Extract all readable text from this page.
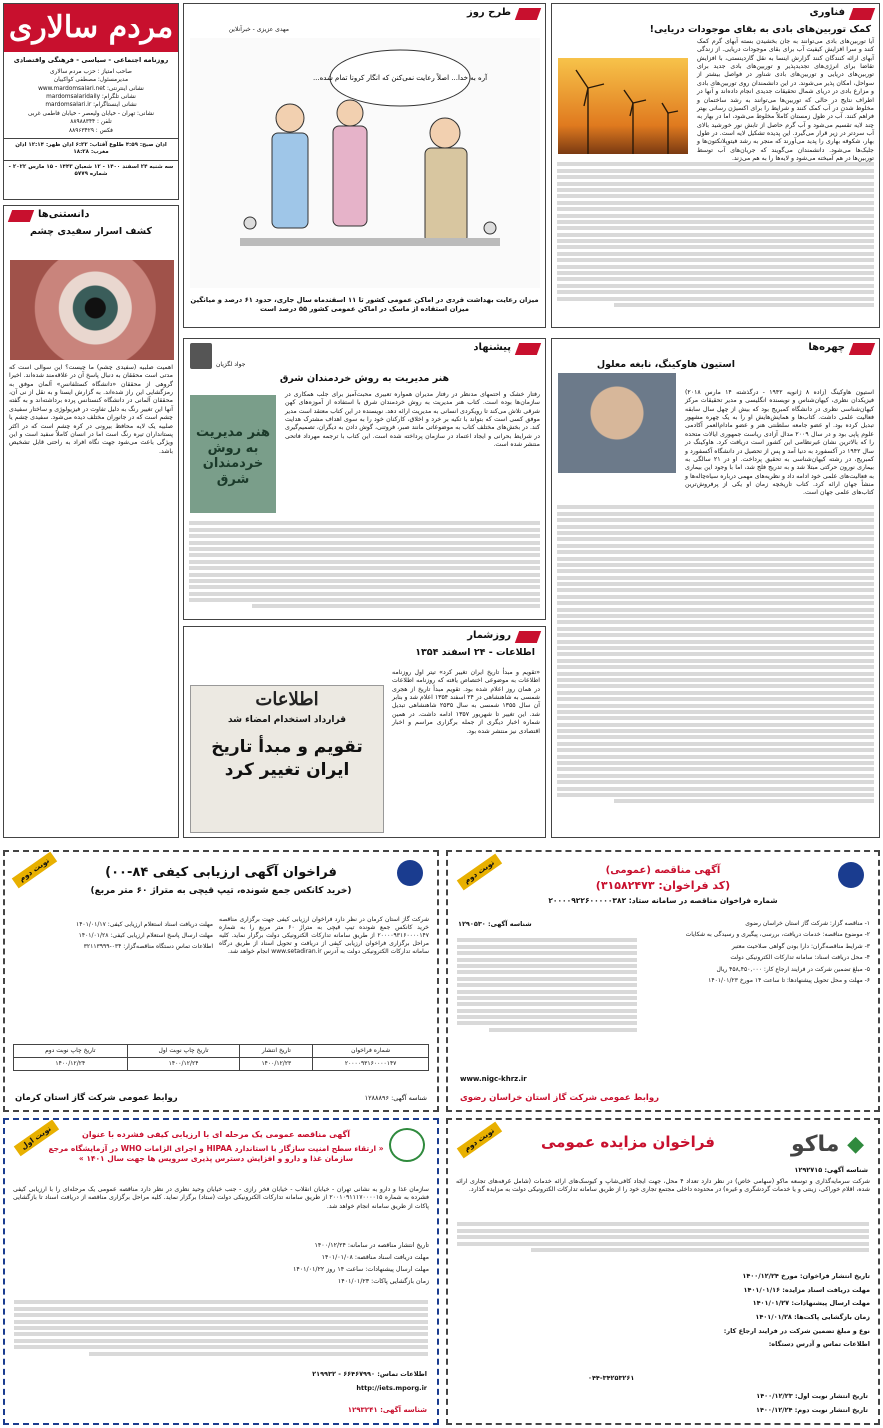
مردم سالاری
روزنامه اجتماعی - سیاسی - فرهنگی واقتصادی
صاحب امتیاز : حزب مردم سالاری
مدیرمسئول: مصطفی کواکبیان
نشانی اینترنتی: www.mardomsalari.net
نشانی تلگرام: mardomsalaridaily
نشانی اینستاگرام: mardomsalari.ir
نشانی: تهران - خیابان ولیعصر - خیابان فاطمی غربی
تلفن : ۸۸۹۸۸۳۴۴
فکس : ۸۸۹۶۳۴۲۹
اذان صبح: ۴:۵۹ طلوع آفتاب: ۶:۲۲ اذان ظهر: ۱۲:۱۴ اذان مغرب: ۱۸:۲۸
سه شنبه ۲۴ اسفند ۱۴۰۰ - ۱۲ شعبان ۱۴۴۳ - ۱۵ مارس ۲۰۲۲ - شماره ۵۷۷۹
دانستنی‌ها
کشف اسرار سفیدی چشم
اهمیت صلبیه (سفیدی چشم) ما چیست؟ این سوالی است که مدتی است محققان به دنبال پاسخ آن در علاقه‌مند شده‌اند. اخیرا گروهی از محققان «دانشگاه کستلفانس» آلمان موفق به رمزگشایی این راز شده‌اند. به گزارش ایسنا و به نقل از نی آن، محققان آلمانی در دانشگاه کنستانس پرده برداشته‌اند و به گفته آنها این تغییر رنگ به دلیل تفاوت در فیزیولوژی و ساختار سفیدی چشم است که در جانوران مختلف دیده می‌شود. سفیدی چشم یا صلبیه یک لایه محافظ بیرونی در کره چشم است که در اکثر پستانداران تیره رنگ است اما در انسان کاملاً سفید است و این ویژگی باعث می‌شود جهت نگاه افراد به راحتی قابل تشخیص باشد.
طرح روز
مهدی عزیزی - خبرآنلاین
آره به خدا... اصلاً رعایت نمی‌کنن که انگار کرونا تمام شده...
میزان رعایت بهداشت فردی در اماکن عمومی کشور تا ۱۱ اسفندماه سال جاری، حدود ۶۱ درصد و میانگین میزان استفاده از ماسک در اماکن عمومی کشور ۵۵ درصد است
فناوری
کمک توربین‌های بادی به بقای موجودات دریایی!
آیا توربین‌های بادی می‌توانند به جان بخشیدن بسته آبهای گرم کمک کنند و سرا افزایش کیفیت آب برای بقای موجودات دریایی. از زندگی آبهای ارائه کنندگان کنند گزارش اینسا به نقل گاردینستی، با افزایش تقاضا برای انرژی‌های تجدیدپذیر و توربین‌های بادی جدید برای توربین‌های دریایی و توربین‌های بادی شناور در فواصل بیشتر از سواحل، امکان پذیر می‌شوند. در این دانشمندان روی توربین‌های بادی و مزارع بادی در دریای شمال تحقیقات جدیدی انجام داده‌اند و آنها در اطراف نتایج در حالی که توربین‌ها می‌توانند به رشد ساختمان و مخلوط شدن در آب کمک کنند و شرایط را برای اکسیژن رسانی بهتر فراهم کنند. آب در طول زمستان کاملاً مخلوط می‌شود، اما در بهار به چند لایه تقسیم می‌شود و آب گرم حاصل از تابش نور خورشید بالای آب سردتر در زیر قرار می‌گیرد. این پدیده تشکیل لایه است. در طول بهار، شکوفه بهاری را پدید می‌آورند که منجر به رشد فیتوپلانکتون‌ها و جلبک‌ها می‌شود. دانشمندان می‌گویند که جریان‌های آب توسط توربین‌ها در هم آمیخته می‌شود و لایه‌ها را به هم می‌زند.
پیشنهاد
جواد لگزیان
هنر مدیریت به روش خردمندان شرق
هنر مدیریت به روش خردمندان شرق
رفتار خشک و احتمهای مدنظر در رفتار مدیران همواره تعبیری محبت‌آمیز برای جلب همکاری در سازمان‌ها بوده است. کتاب هنر مدیریت به روش خردمندان شرق با استفاده از آموزه‌های کهن شرقی تلاش می‌کند تا رویکردی انسانی به مدیریت ارائه دهد. نویسنده در این کتاب معتقد است مدیر موفق کسی است که بتواند با تکیه بر خرد و اخلاق، کارکنان خود را به سوی اهداف مشترک هدایت کند. در بخش‌های مختلف کتاب به موضوعاتی مانند صبر، فروتنی، گوش دادن به دیگران، تصمیم‌گیری در شرایط بحرانی و ایجاد اعتماد در سازمان پرداخته شده است. این کتاب با ترجمه مهرداد فاتحی منتشر شده است.
روزشمار
اطلاعات - ۲۴ اسفند ۱۳۵۴
«تقویم و مبدأ تاریخ ایران تغییر کرد» تیتر اول روزنامه اطلاعات به موضوعی اختصاص یافته که روزنامه اطلاعات در همان روز اعلام شده بود. تقویم مبدأ تاریخ از هجری شمسی به شاهنشاهی در ۲۴ اسفند ۱۳۵۴ اعلام شد و بنابر آن سال ۱۳۵۵ شمسی به سال ۲۵۳۵ شاهنشاهی تبدیل شد. این تغییر تا شهریور ۱۳۵۷ ادامه داشت. در همین شماره اخبار دیگری از جمله برگزاری مراسم و اخبار اقتصادی نیز منتشر شده بود.
اطلاعات
قرارداد استخدام امضاء شد
تقویم و مبدأ تاریخ
ایران تغییر کرد
چهره‌ها
استیون هاوکینگ، نابغه معلول
استیون هاوکینگ (زاده ۸ ژانویه ۱۹۴۲ - درگذشته ۱۴ مارس ۲۰۱۸) فیزیکدان نظری، کیهان‌شناس و نویسنده انگلیسی و مدیر تحقیقات مرکز کیهان‌شناسی نظری در دانشگاه کمبریج بود که بیش از چهل سال سابقه فعالیت علمی داشت. کتاب‌ها و همایش‌هایش او را به یک چهره مشهور تبدیل کرده بود. او عضو جامعه سلطنتی هنر و عضو مادام‌العمر آکادمی علوم پاپی بود و در سال ۲۰۰۹ مدال آزادی ریاست جمهوری ایالات متحده را که بالاترین نشان غیرنظامی این کشور است دریافت کرد. هاوکینگ در سال ۱۹۴۲ در آکسفورد به دنیا آمد و پس از تحصیل در دانشگاه آکسفورد و کمبریج، در رشته کیهان‌شناسی به تحقیق پرداخت. او در ۲۱ سالگی به بیماری نورون حرکتی مبتلا شد و به تدریج فلج شد، اما با وجود این بیماری به فعالیت‌های علمی خود ادامه داد و نظریه‌های مهمی درباره سیاه‌چاله‌ها و منشأ جهان ارائه کرد. کتاب تاریخچه زمان او یکی از پرفروش‌ترین کتاب‌های علمی جهان است.
نوبت دوم	فراخوان آگهی ارزیابی کیفی ۸۴-۰۰)
(خرید کانکس جمع شونده، تیپ قیچی به متراژ ۶۰ متر مربع)
شرکت گاز استان کرمان در نظر دارد فراخوان ارزیابی کیفی جهت برگزاری مناقصه خرید کانکس جمع شونده تیپ قیچی به متراژ ۶۰ متر مربع را به شماره ۲۰۰۰۰۹۳۱۶۰۰۰۰۱۴۷ از طریق سامانه تدارکات الکترونیکی دولت برگزار نماید. کلیه مراحل برگزاری فراخوان ارزیابی کیفی از دریافت و تحویل اسناد از طریق درگاه سامانه تدارکات الکترونیکی دولت به آدرس www.setadiran.ir انجام خواهد شد.
مهلت دریافت اسناد استعلام ارزیابی کیفی: ۱۴۰۱/۰۱/۱۷
مهلت ارسال پاسخ استعلام ارزیابی کیفی: ۱۴۰۱/۰۱/۲۸
اطلاعات تماس دستگاه مناقصه‌گزار: ۰۳۴-۳۲۱۱۳۹۹۹
شماره فراخوان	تاریخ انتشار	تاریخ چاپ نوبت اول	تاریخ چاپ نوبت دوم
۲۰۰۰۰۹۳۱۶۰۰۰۰۱۴۷	۱۴۰۰/۱۲/۲۳	۱۴۰۰/۱۲/۲۴	۱۴۰۰/۱۲/۲۴
روابط عمومی شرکت گاز استان کرمان	شناسه آگهی: ۱۲۸۸۸۹۶
نوبت دوم	آگهی مناقصه (عمومی)
(کد فراخوان: ۳۱۵۸۲۴۷۳)
شماره فراخوان مناقصه در سامانه ستاد: ۲۰۰۰۰۹۲۲۶۰۰۰۰۰۳۸۲
۱- مناقصه گزار: شرکت گاز استان خراسان رضوی
۲- موضوع مناقصه: خدمات دریافت، بررسی، پیگیری و رسیدگی به شکایات
۳- شرایط مناقصه‌گران: دارا بودن گواهی صلاحیت معتبر
۴- محل دریافت اسناد: سامانه تدارکات الکترونیکی دولت
۵- مبلغ تضمین شرکت در فرایند ارجاع کار: ۴۵۸,۴۵۰,۰۰۰ ریال
۶- مهلت و محل تحویل پیشنهادها: تا ساعت ۱۴ مورخ ۱۴۰۱/۰۱/۲۳
شناسه آگهی: ۱۲۹۰۵۳۰
www.nigc-khrz.ir
روابط عمومی شرکت گاز استان خراسان رضوی
نوبت اول	آگهی مناقصه عمومی یک مرحله ای با ارزیابی کیفی فشرده با عنوان
« ارتقاء سطح امنیت سازگار با استاندارد HIPAA و اجرای الزامات WHO در آزمایشگاه مرجع سازمان غذا و دارو و افزایش دسترس پذیری سرویس ها جهت سال ۱۴۰۱ »
سازمان غذا و دارو به نشانی تهران - خیابان انقلاب - خیابان فخر رازی - جنب خیابان وحید نظری در نظر دارد مناقصه عمومی یک مرحله‌ای را با ارزیابی کیفی فشرده به شماره ۲۰۰۱۰۹۱۱۱۷۰۰۰۰۱۵ از طریق سامانه تدارکات الکترونیکی دولت (ستاد) برگزار نماید. کلیه مراحل برگزاری مناقصه از دریافت اسناد تا بازگشایی پاکات از طریق سامانه انجام خواهد شد.
تاریخ انتشار مناقصه در سامانه: ۱۴۰۰/۱۲/۲۴
مهلت دریافت اسناد مناقصه: ۱۴۰۱/۰۱/۰۸
مهلت ارسال پیشنهادات: ساعت ۱۴ روز ۱۴۰۱/۰۱/۲۲
زمان بازگشایی پاکات: ۱۴۰۱/۰۱/۲۳
اطلاعات تماس: ۶۶۴۶۷۹۹۰ - ۲۱۹۹۳۲
http://iets.mporg.ir
شناسه آگهی: ۱۲۹۳۲۴۱
نوبت دوم	◆ ماکو
فراخوان مزایده عمومی
شناسه آگهی: ۱۲۹۲۷۱۵
شرکت سرمایه‌گذاری و توسعه ماکو (سهامی خاص) در نظر دارد تعداد ۴ محل، جهت ایجاد کافی‌شاپ و کیوسک‌های ارائه خدمات (شامل غرفه‌های تجاری ارائه شده، اقلام خوراکی، زینتی و یا خدمات گردشگری و غیره) در محدوده داخلی مجتمع تجاری خود را از طریق سامانه تدارکات الکترونیکی دولت به مزایده گذارد.
تاریخ انتشار فراخوان: مورخ ۱۴۰۰/۱۲/۲۴
مهلت دریافت اسناد مزایده: ۱۴۰۱/۰۱/۱۶
مهلت ارسال پیشنهادات: ۱۴۰۱/۰۱/۲۷
زمان بازگشایی پاکت‌ها: ۱۴۰۱/۰۱/۲۸
نوع و مبلغ تضمین شرکت در فرایند ارجاع کار:
اطلاعات تماس و آدرس دستگاه:
۰۴۴-۳۴۲۵۳۲۶۱
تاریخ انتشار نوبت اول: ۱۴۰۰/۱۲/۲۳
تاریخ انتشار نوبت دوم: ۱۴۰۰/۱۲/۲۴
